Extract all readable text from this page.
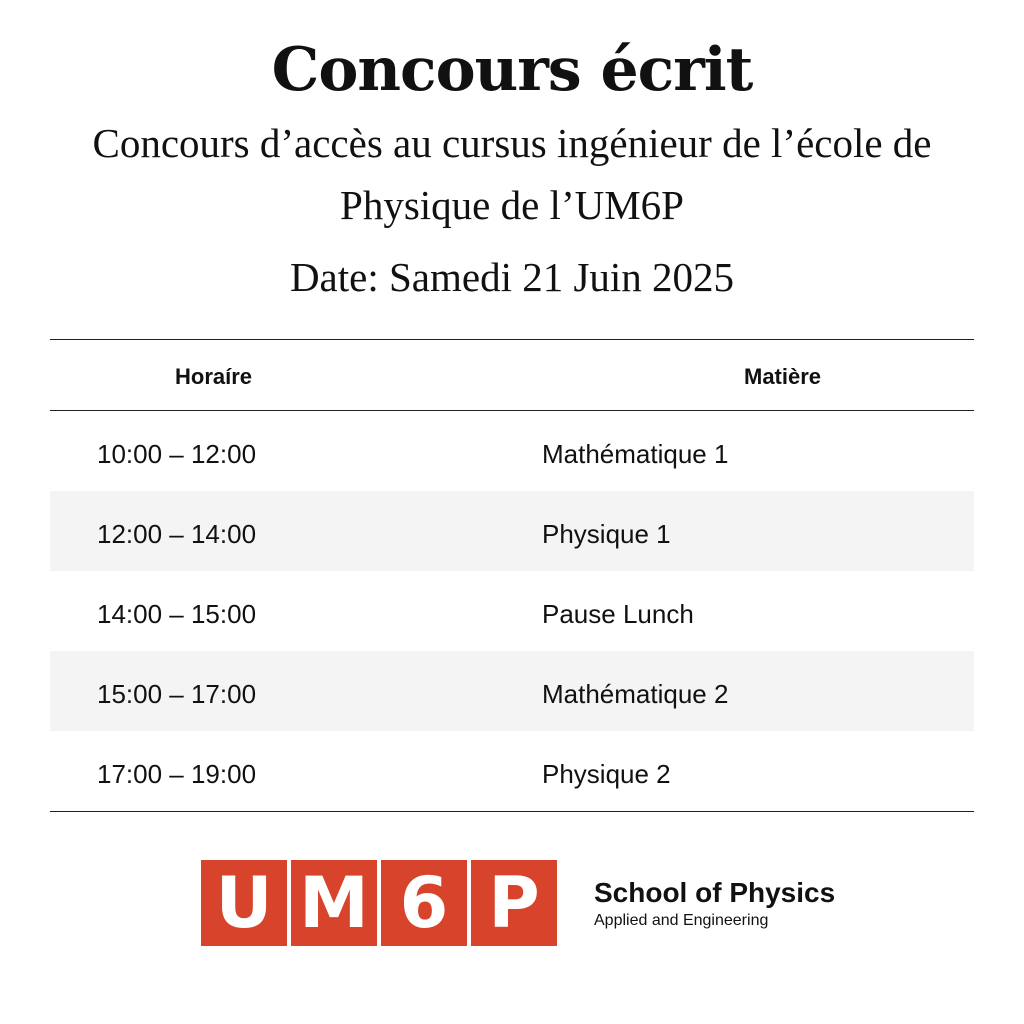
Concours écrit

Concours d’accès au cursus ingénieur de l’école de Physique de l’UM6P

Date: Samedi 21 Juin 2025

Horaíre	Matière
10:00 – 12:00	Mathématique 1
12:00 – 14:00	Physique 1
14:00 – 15:00	Pause Lunch
15:00 – 17:00	Mathématique 2
17:00 – 19:00	Physique 2
U M 6 P	School of Physics
Applied and Engineering
